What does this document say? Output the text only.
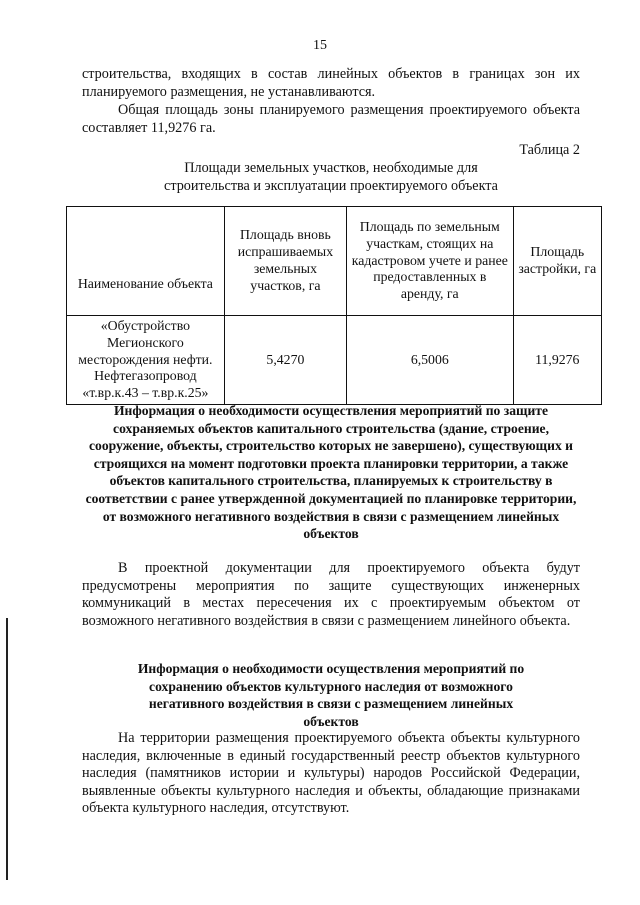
15

строительства, входящих в состав линейных объектов в границах зон их планируемого размещения, не устанавливаются.

Общая площадь зоны планируемого размещения проектируемого объекта составляет 11,9276 га.

Таблица 2

Площади земельных участков, необходимые для
строительства и эксплуатации проектируемого объекта

Наименование объекта	Площадь вновь испрашиваемых земельных участков, га	Площадь по земельным участкам, стоящих на кадастровом учете и ранее предоставленных в аренду, га	Площадь застройки, га
«Обустройство Мегионского месторождения нефти. Нефтегазопровод «т.вр.к.43 – т.вр.к.25»	5,4270	6,5006	11,9276

Информация о необходимости осуществления мероприятий по защите сохраняемых объектов капитального строительства (здание, строение, сооружение, объекты, строительство которых не завершено), существующих и строящихся на момент подготовки проекта планировки территории, а также объектов капитального строительства, планируемых к строительству в соответствии с ранее утвержденной документацией по планировке территории, от возможного негативного воздействия в связи с размещением линейных объектов

В проектной документации для проектируемого объекта будут предусмотрены мероприятия по защите существующих инженерных коммуникаций в местах пересечения их с проектируемым объектом от возможного негативного воздействия в связи с размещением линейного объекта.

Информация о необходимости осуществления мероприятий по сохранению объектов культурного наследия от возможного негативного воздействия в связи с размещением линейных объектов

На территории размещения проектируемого объекта объекты культурного наследия, включенные в единый государственный реестр объектов культурного наследия (памятников истории и культуры) народов Российской Федерации, выявленные объекты культурного наследия и объекты, обладающие признаками объекта культурного наследия, отсутствуют.
